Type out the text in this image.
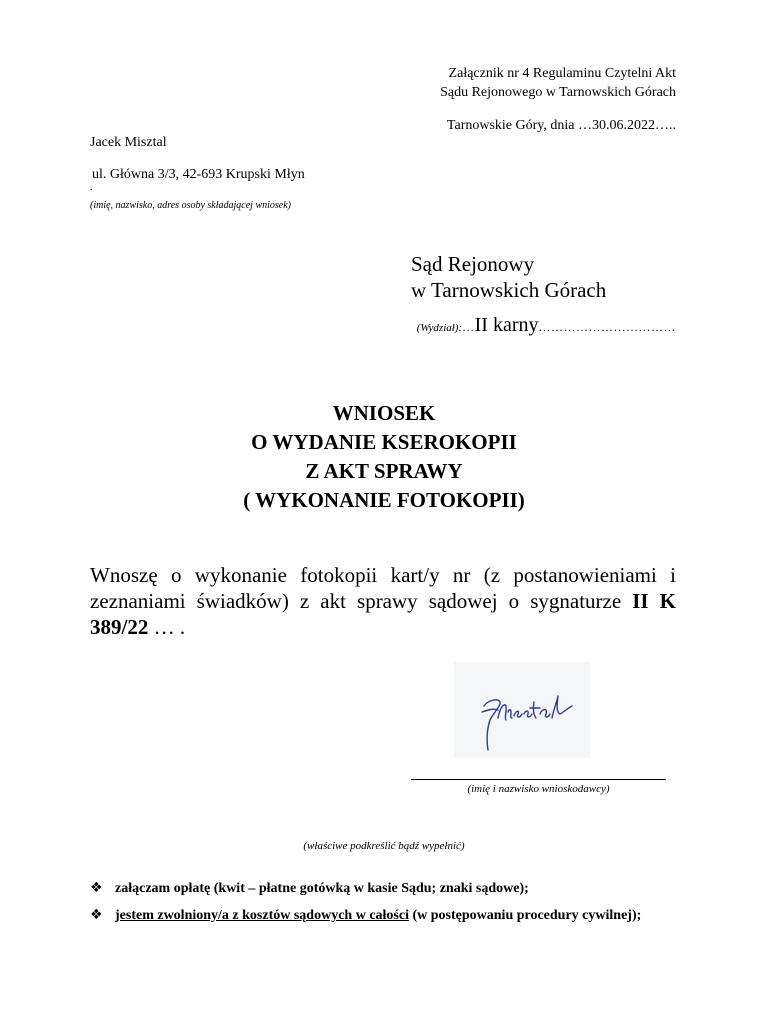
Załącznik nr 4 Regulaminu Czytelni Akt
Sądu Rejonowego w Tarnowskich Górach
Tarnowskie Góry, dnia …30.06.2022…..
Jacek Misztal
ul. Główna 3/3, 42-693 Krupski Młyn
.
(imię, nazwisko, adres osoby składającej wniosek)
Sąd Rejonowy
w Tarnowskich Górach
(Wydział):…II karny……………………………
WNIOSEK
O WYDANIE KSEROKOPII
Z AKT SPRAWY
( WYKONANIE FOTOKOPII)
Wnoszę o wykonanie fotokopii kart/y nr (z postanowieniami i zeznaniami świadków) z akt sprawy sądowej o sygnaturze II K 389/22 … .
(imię i nazwisko wnioskodawcy)
(właściwe podkreślić bądź wypełnić)
❖ załączam opłatę (kwit – płatne gotówką w kasie Sądu; znaki sądowe);
❖ jestem zwolniony/a z kosztów sądowych w całości (w postępowaniu procedury cywilnej);
